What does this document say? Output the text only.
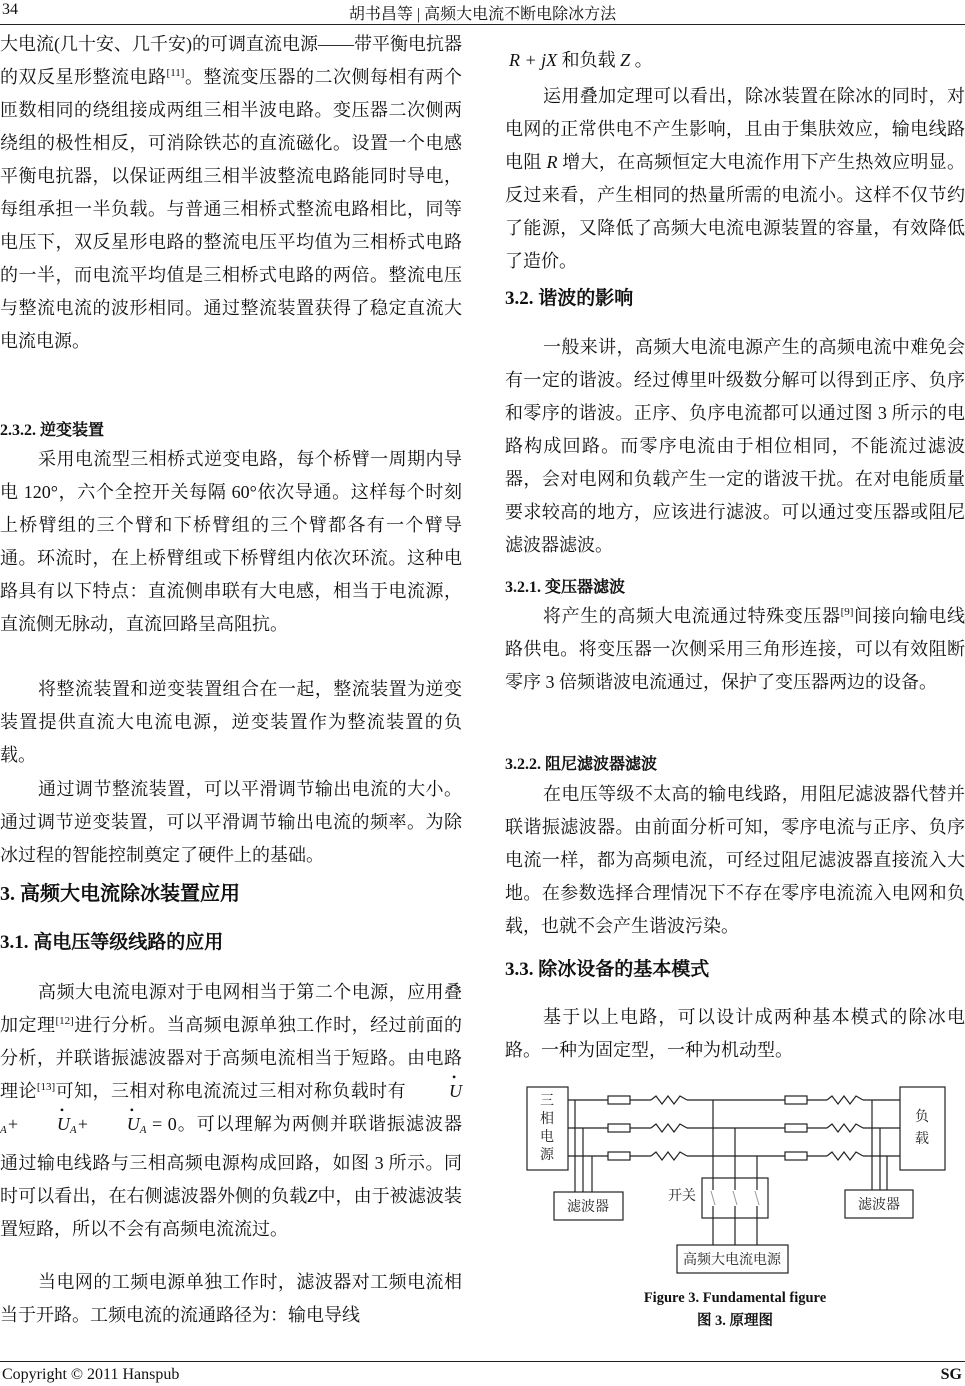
34	胡书昌等 | 高频大电流不断电除冰方法

大电流(几十安、几千安)的可调直流电源——带平衡电抗器的双反星形整流电路[11]。整流变压器的二次侧每相有两个匝数相同的绕组接成两组三相半波电路。变压器二次侧两绕组的极性相反，可消除铁芯的直流磁化。设置一个电感平衡电抗器，以保证两组三相半波整流电路能同时导电，每组承担一半负载。与普通三相桥式整流电路相比，同等电压下，双反星形电路的整流电压平均值为三相桥式电路的一半，而电流平均值是三相桥式电路的两倍。整流电压与整流电流的波形相同。通过整流装置获得了稳定直流大电流电源。

2.3.2. 逆变装置

采用电流型三相桥式逆变电路，每个桥臂一周期内导电 120°，六个全控开关每隔 60°依次导通。这样每个时刻上桥臂组的三个臂和下桥臂组的三个臂都各有一个臂导通。环流时，在上桥臂组或下桥臂组内依次环流。这种电路具有以下特点：直流侧串联有大电感，相当于电流源，直流侧无脉动，直流回路呈高阻抗。

将整流装置和逆变装置组合在一起，整流装置为逆变装置提供直流大电流电源，逆变装置作为整流装置的负载。

通过调节整流装置，可以平滑调节输出电流的大小。通过调节逆变装置，可以平滑调节输出电流的频率。为除冰过程的智能控制奠定了硬件上的基础。

3. 高频大电流除冰装置应用

3.1. 高电压等级线路的应用

高频大电流电源对于电网相当于第二个电源，应用叠加定理[12]进行分析。当高频电源单独工作时，经过前面的分析，并联谐振滤波器对于高频电流相当于短路。由电路理论[13]可知，三相对称电流流过三相对称负载时有 • $U_A+$ • $U_A+$ • $U_A = 0$。可以理解为两侧并联谐振滤波器通过输电线路与三相高频电源构成回路，如图 3 所示。同时可以看出，在右侧滤波器外侧的负载Z中，由于被滤波装置短路，所以不会有高频电流流过。

当电网的工频电源单独工作时，滤波器对工频电流相当于开路。工频电流的流通路径为：输电导线

R + jX 和负载 Z 。

运用叠加定理可以看出，除冰装置在除冰的同时，对电网的正常供电不产生影响，且由于集肤效应，输电线路电阻 R 增大，在高频恒定大电流作用下产生热效应明显。反过来看，产生相同的热量所需的电流小。这样不仅节约了能源，又降低了高频大电流电源装置的容量，有效降低了造价。

3.2. 谐波的影响

一般来讲，高频大电流电源产生的高频电流中难免会有一定的谐波。经过傅里叶级数分解可以得到正序、负序和零序的谐波。正序、负序电流都可以通过图 3 所示的电路构成回路。而零序电流由于相位相同，不能流过滤波器，会对电网和负载产生一定的谐波干扰。在对电能质量要求较高的地方，应该进行滤波。可以通过变压器或阻尼滤波器滤波。

3.2.1. 变压器滤波

将产生的高频大电流通过特殊变压器[9]间接向输电线路供电。将变压器一次侧采用三角形连接，可以有效阻断零序 3 倍频谐波电流通过，保护了变压器两边的设备。

3.2.2. 阻尼滤波器滤波

在电压等级不太高的输电线路，用阻尼滤波器代替并联谐振滤波器。由前面分析可知，零序电流与正序、负序电流一样，都为高频电流，可经过阻尼滤波器直接流入大地。在参数选择合理情况下不存在零序电流流入电网和负载，也就不会产生谐波污染。

3.3. 除冰设备的基本模式

基于以上电路，可以设计成两种基本模式的除冰电路。一种为固定型，一种为机动型。

三
相
电
源
负
载
滤波器	滤波器
开关
高频大电流电源
Figure 3. Fundamental figure
图 3. 原理图
Copyright © 2011 Hanspub	SG
